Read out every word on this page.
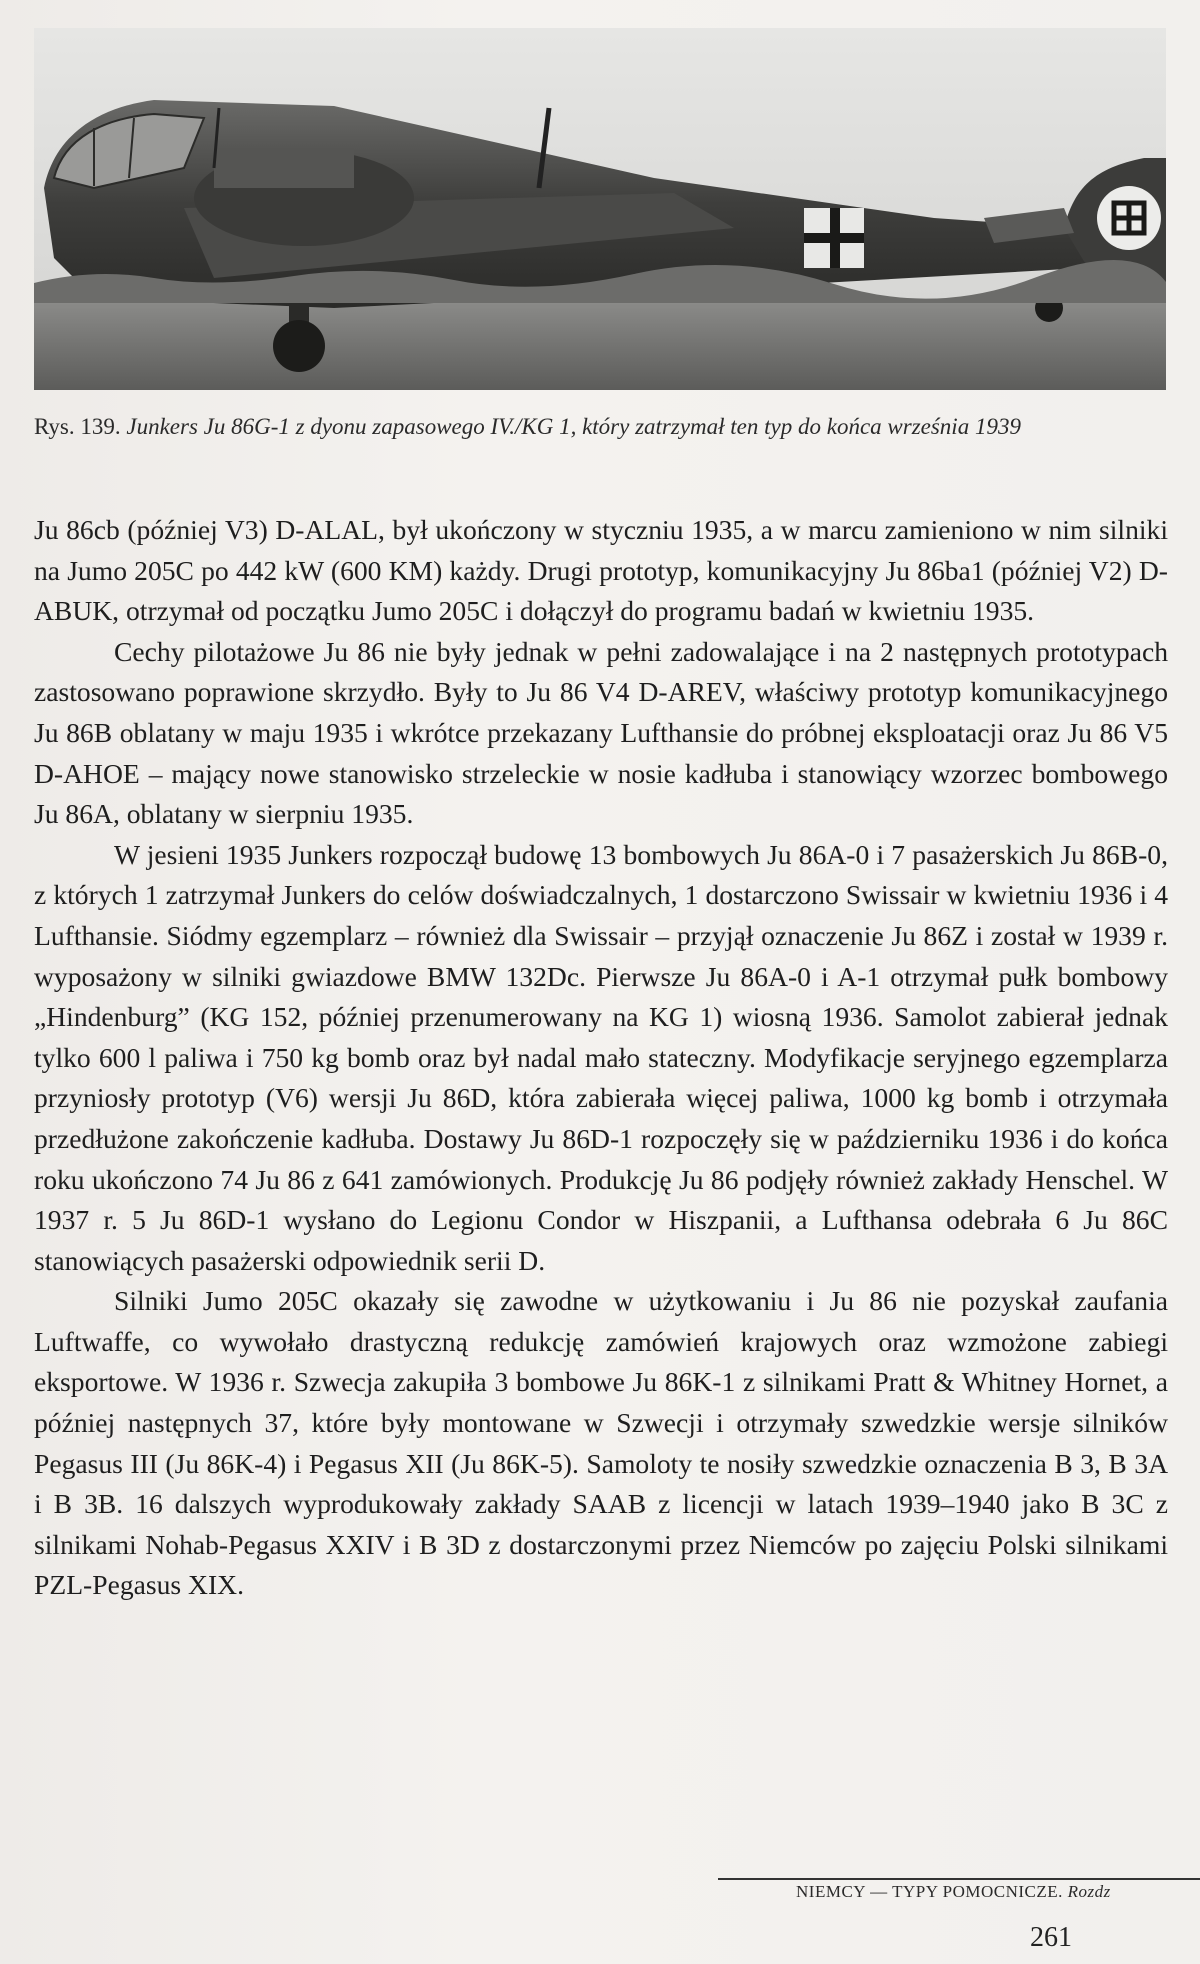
Rys. 139. Junkers Ju 86G-1 z dyonu zapasowego IV./KG 1, który zatrzymał ten typ do końca września 1939

Ju 86cb (później V3) D-ALAL, był ukończony w styczniu 1935, a w marcu zamieniono w nim silniki na Jumo 205C po 442 kW (600 KM) każdy. Drugi prototyp, komunikacyjny Ju 86ba1 (później V2) D-ABUK, otrzymał od początku Jumo 205C i dołączył do programu badań w kwietniu 1935.

Cechy pilotażowe Ju 86 nie były jednak w pełni zadowalające i na 2 następnych prototypach zastosowano poprawione skrzydło. Były to Ju 86 V4 D-AREV, właściwy prototyp komunikacyjnego Ju 86B oblatany w maju 1935 i wkrótce przekazany Lufthansie do próbnej eksploatacji oraz Ju 86 V5 D-AHOE – mający nowe stanowisko strzeleckie w nosie kadłuba i stanowiący wzorzec bombowego Ju 86A, oblatany w sierpniu 1935.

W jesieni 1935 Junkers rozpoczął budowę 13 bombowych Ju 86A-0 i 7 pasażerskich Ju 86B-0, z których 1 zatrzymał Junkers do celów doświadczalnych, 1 dostarczono Swissair w kwietniu 1936 i 4 Lufthansie. Siódmy egzemplarz – również dla Swissair – przyjął oznaczenie Ju 86Z i został w 1939 r. wyposażony w silniki gwiazdowe BMW 132Dc. Pierwsze Ju 86A-0 i A-1 otrzymał pułk bombowy „Hindenburg” (KG 152, później przenumerowany na KG 1) wiosną 1936. Samolot zabierał jednak tylko 600 l paliwa i 750 kg bomb oraz był nadal mało stateczny. Modyfikacje seryjnego egzemplarza przyniosły prototyp (V6) wersji Ju 86D, która zabierała więcej paliwa, 1000 kg bomb i otrzymała przedłużone zakończenie kadłuba. Dostawy Ju 86D-1 rozpoczęły się w październiku 1936 i do końca roku ukończono 74 Ju 86 z 641 zamówionych. Produkcję Ju 86 podjęły również zakłady Henschel. W 1937 r. 5 Ju 86D-1 wysłano do Legionu Condor w Hiszpanii, a Lufthansa odebrała 6 Ju 86C stanowiących pasażerski odpowiednik serii D.

Silniki Jumo 205C okazały się zawodne w użytkowaniu i Ju 86 nie pozyskał zaufania Luftwaffe, co wywołało drastyczną redukcję zamówień krajowych oraz wzmożone zabiegi eksportowe. W 1936 r. Szwecja zakupiła 3 bombowe Ju 86K-1 z silnikami Pratt & Whitney Hornet, a później następnych 37, które były montowane w Szwecji i otrzymały szwedzkie wersje silników Pegasus III (Ju 86K-4) i Pegasus XII (Ju 86K-5). Samoloty te nosiły szwedzkie oznaczenia B 3, B 3A i B 3B. 16 dalszych wyprodukowały zakłady SAAB z licencji w latach 1939–1940 jako B 3C z silnikami Nohab-Pegasus XXIV i B 3D z dostarczonymi przez Niemców po zajęciu Polski silnikami PZL-Pegasus XIX.

NIEMCY — TYPY POMOCNICZE. Rozdz
261
